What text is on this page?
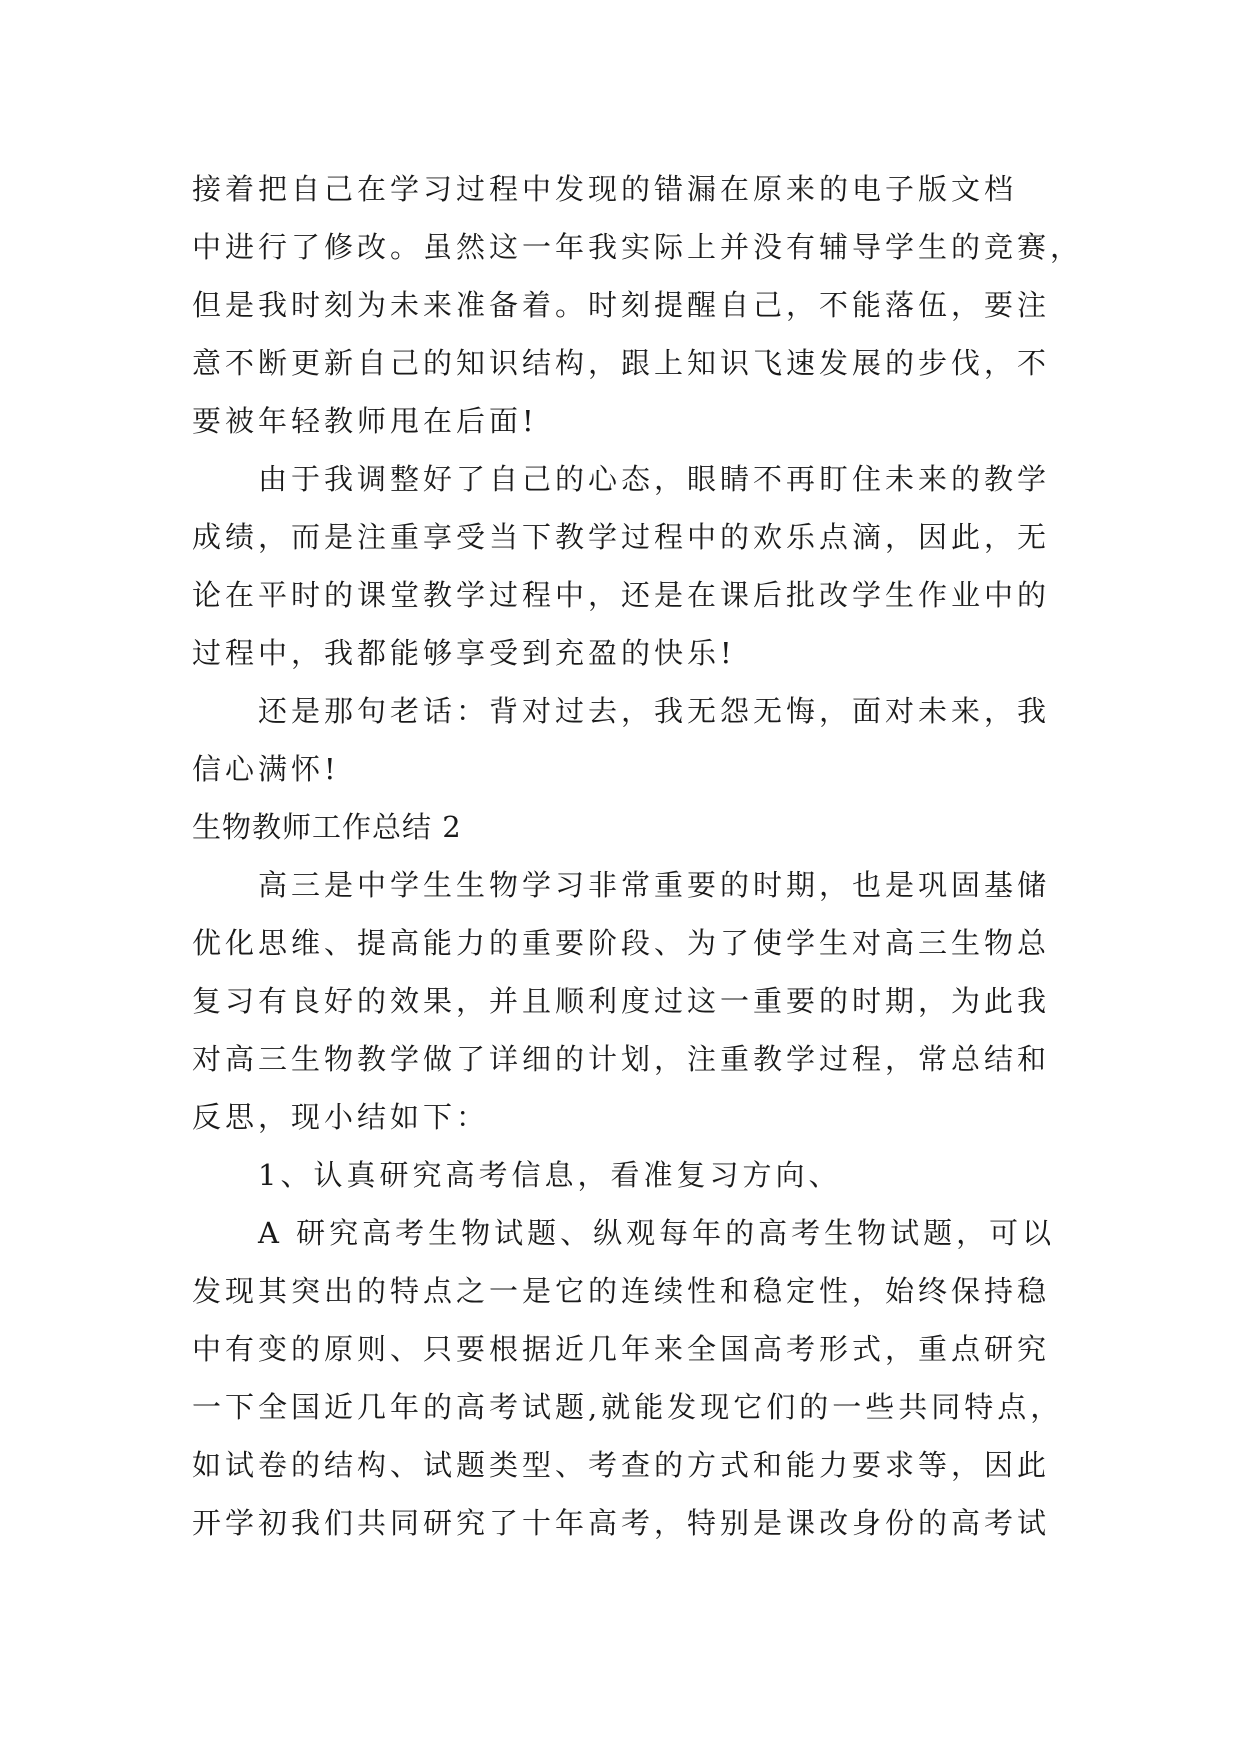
接着把自己在学习过程中发现的错漏在原来的电子版文档

中进行了修改。虽然这一年我实际上并没有辅导学生的竞赛，

但是我时刻为未来准备着。时刻提醒自己，不能落伍，要注

意不断更新自己的知识结构，跟上知识飞速发展的步伐，不

要被年轻教师甩在后面!

　　由于我调整好了自己的心态，眼睛不再盯住未来的教学

成绩，而是注重享受当下教学过程中的欢乐点滴，因此，无

论在平时的课堂教学过程中，还是在课后批改学生作业中的

过程中，我都能够享受到充盈的快乐!

　　还是那句老话：背对过去，我无怨无悔，面对未来，我

信心满怀!

生物教师工作总结 2

　　高三是中学生生物学习非常重要的时期，也是巩固基储

优化思维、提高能力的重要阶段、为了使学生对高三生物总

复习有良好的效果，并且顺利度过这一重要的时期，为此我

对高三生物教学做了详细的计划，注重教学过程，常总结和

反思，现小结如下：

　　1、认真研究高考信息，看准复习方向、

　　A 研究高考生物试题、纵观每年的高考生物试题，可以

发现其突出的特点之一是它的连续性和稳定性，始终保持稳

中有变的原则、只要根据近几年来全国高考形式，重点研究

一下全国近几年的高考试题,就能发现它们的一些共同特点，

如试卷的结构、试题类型、考查的方式和能力要求等，因此

开学初我们共同研究了十年高考，特别是课改身份的高考试
